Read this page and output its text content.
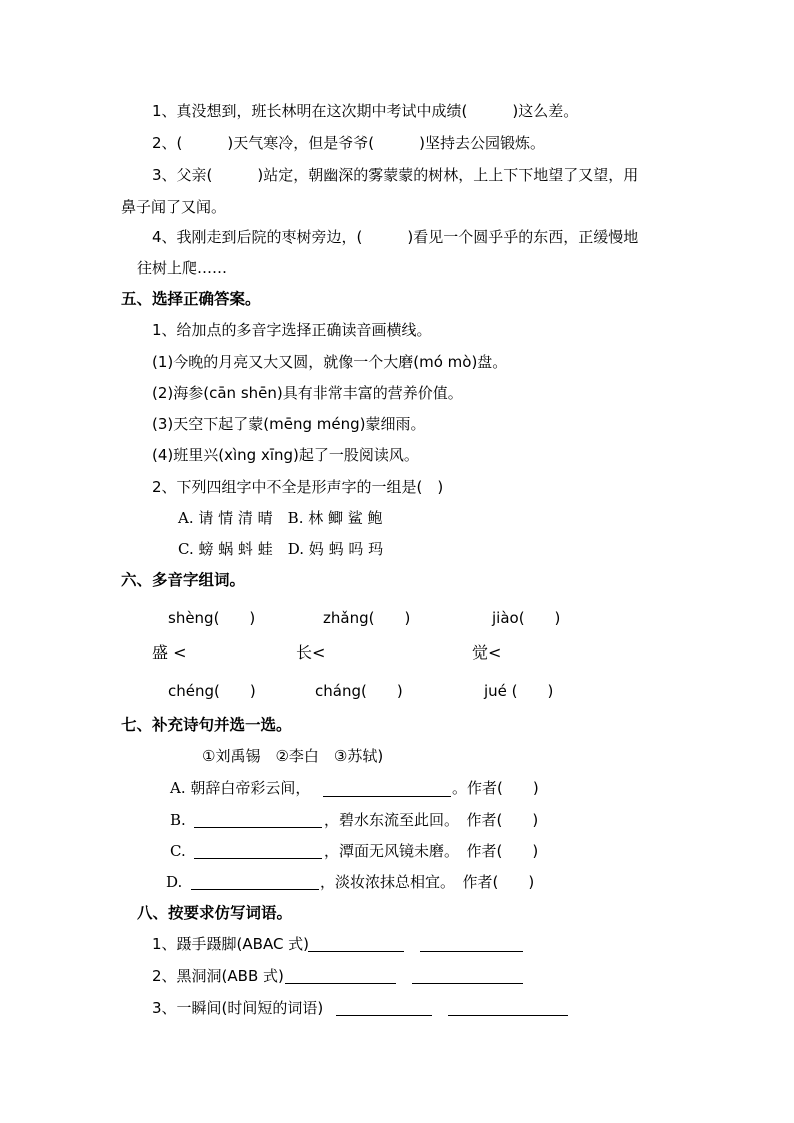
1、真没想到，班长林明在这次期中考试中成绩(　　　)这么差。
2、(　　　)天气寒冷，但是爷爷(　　　)坚持去公园锻炼。
3、父亲(　　　)站定，朝幽深的雾蒙蒙的树林，上上下下地望了又望，用
鼻子闻了又闻。
4、我刚走到后院的枣树旁边，(　　　)看见一个圆乎乎的东西，正缓慢地
往树上爬……
五、选择正确答案。
1、给加点的多音字选择正确读音画横线。
(1)今晚的月亮又大又圆，就像一个大磨(mó mò)盘。
(2)海参(cān shēn)具有非常丰富的营养价值。
(3)天空下起了蒙(mēng méng)蒙细雨。
(4)班里兴(xìng xīng)起了一股阅读风。
2、下列四组字中不全是形声字的一组是(　)
A. 请 情 清 晴　B. 林 鲫 鲨 鲍
C. 螃 蜗 蚪 蛙　D. 妈 蚂 吗 玛
六、多音字组词。
shèng(　　)	zhǎng(　　)	jiào(　　)
盛 <	长<	觉<
chéng(　　)	cháng(　　)	jué (　　)
七、补充诗句并选一选。
①刘禹锡　②李白　③苏轼)
A. 朝辞白帝彩云间，	。作者(　　)
B.	，碧水东流至此回。　作者(　　)
C.	，潭面无风镜未磨。　作者(　　)
D.	，淡妆浓抹总相宜。　作者(　　)
八、按要求仿写词语。
1、蹑手蹑脚(ABAC 式)
2、黑洞洞(ABB 式)
3、一瞬间(时间短的词语)
